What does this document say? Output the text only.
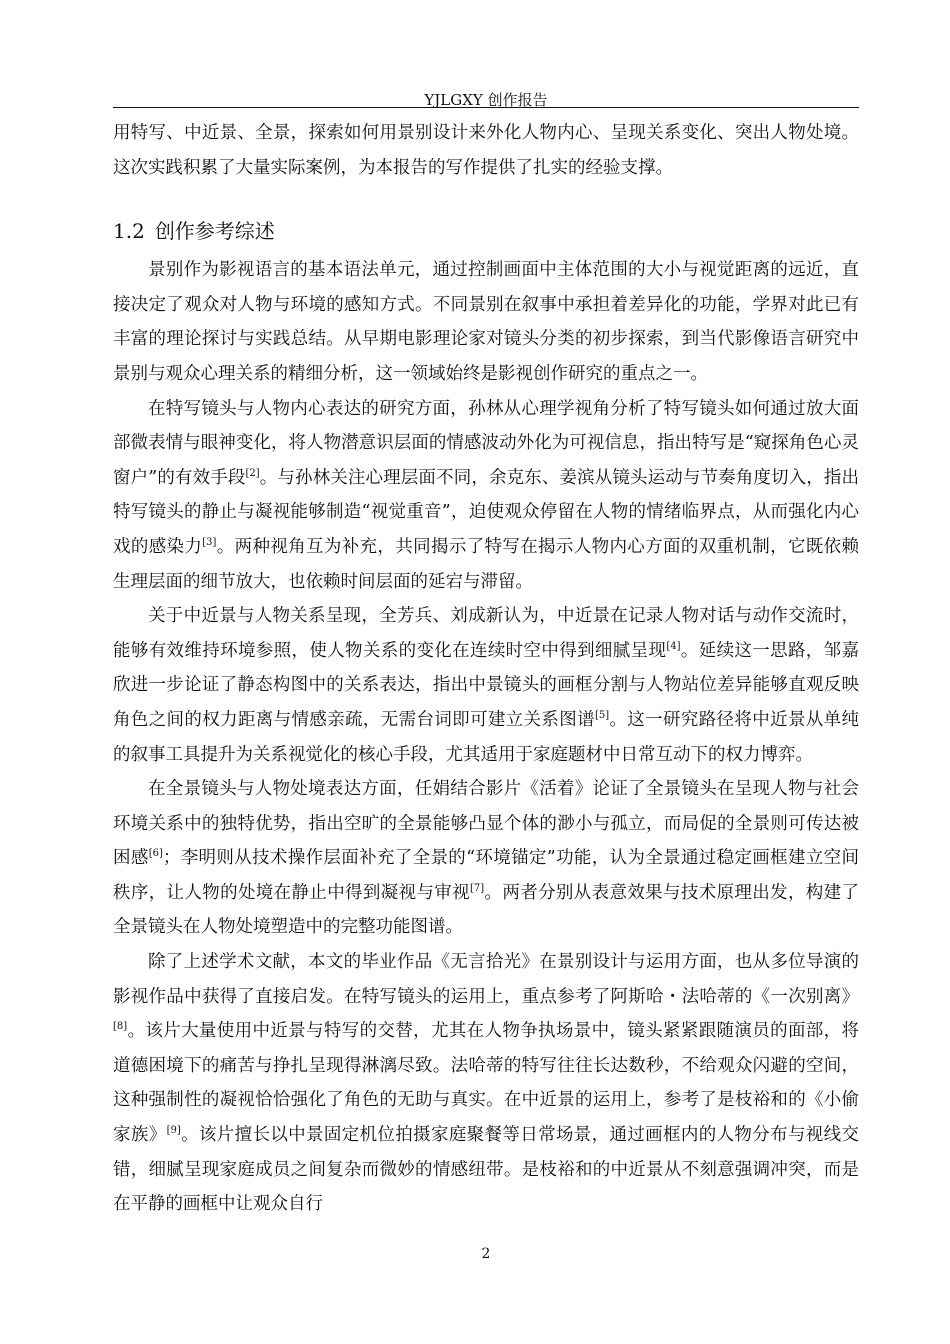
YJLGXY 创作报告

用特写、中近景、全景，探索如何用景别设计来外化人物内心、呈现关系变化、突出人物处境。这次实践积累了大量实际案例，为本报告的写作提供了扎实的经验支撑。

1.2 创作参考综述

景别作为影视语言的基本语法单元，通过控制画面中主体范围的大小与视觉距离的远近，直接决定了观众对人物与环境的感知方式。不同景别在叙事中承担着差异化的功能，学界对此已有丰富的理论探讨与实践总结。从早期电影理论家对镜头分类的初步探索，到当代影像语言研究中景别与观众心理关系的精细分析，这一领域始终是影视创作研究的重点之一。

在特写镜头与人物内心表达的研究方面，孙林从心理学视角分析了特写镜头如何通过放大面部微表情与眼神变化，将人物潜意识层面的情感波动外化为可视信息，指出特写是“窥探角色心灵窗户”的有效手段[2]。与孙林关注心理层面不同，余克东、姜滨从镜头运动与节奏角度切入，指出特写镜头的静止与凝视能够制造“视觉重音”，迫使观众停留在人物的情绪临界点，从而强化内心戏的感染力[3]。两种视角互为补充，共同揭示了特写在揭示人物内心方面的双重机制，它既依赖生理层面的细节放大，也依赖时间层面的延宕与滞留。

关于中近景与人物关系呈现，全芳兵、刘成新认为，中近景在记录人物对话与动作交流时，能够有效维持环境参照，使人物关系的变化在连续时空中得到细腻呈现[4]。延续这一思路，邹嘉欣进一步论证了静态构图中的关系表达，指出中景镜头的画框分割与人物站位差异能够直观反映角色之间的权力距离与情感亲疏，无需台词即可建立关系图谱[5]。这一研究路径将中近景从单纯的叙事工具提升为关系视觉化的核心手段，尤其适用于家庭题材中日常互动下的权力博弈。

在全景镜头与人物处境表达方面，任娟结合影片《活着》论证了全景镜头在呈现人物与社会环境关系中的独特优势，指出空旷的全景能够凸显个体的渺小与孤立，而局促的全景则可传达被困感[6]；李明则从技术操作层面补充了全景的“环境锚定”功能，认为全景通过稳定画框建立空间秩序，让人物的处境在静止中得到凝视与审视[7]。两者分别从表意效果与技术原理出发，构建了全景镜头在人物处境塑造中的完整功能图谱。

除了上述学术文献，本文的毕业作品《无言拾光》在景别设计与运用方面，也从多位导演的影视作品中获得了直接启发。在特写镜头的运用上，重点参考了阿斯哈・法哈蒂的《一次别离》[8]。该片大量使用中近景与特写的交替，尤其在人物争执场景中，镜头紧紧跟随演员的面部，将道德困境下的痛苦与挣扎呈现得淋漓尽致。法哈蒂的特写往往长达数秒，不给观众闪避的空间，这种强制性的凝视恰恰强化了角色的无助与真实。在中近景的运用上，参考了是枝裕和的《小偷家族》[9]。该片擅长以中景固定机位拍摄家庭聚餐等日常场景，通过画框内的人物分布与视线交错，细腻呈现家庭成员之间复杂而微妙的情感纽带。是枝裕和的中近景从不刻意强调冲突，而是在平静的画框中让观众自行

2
